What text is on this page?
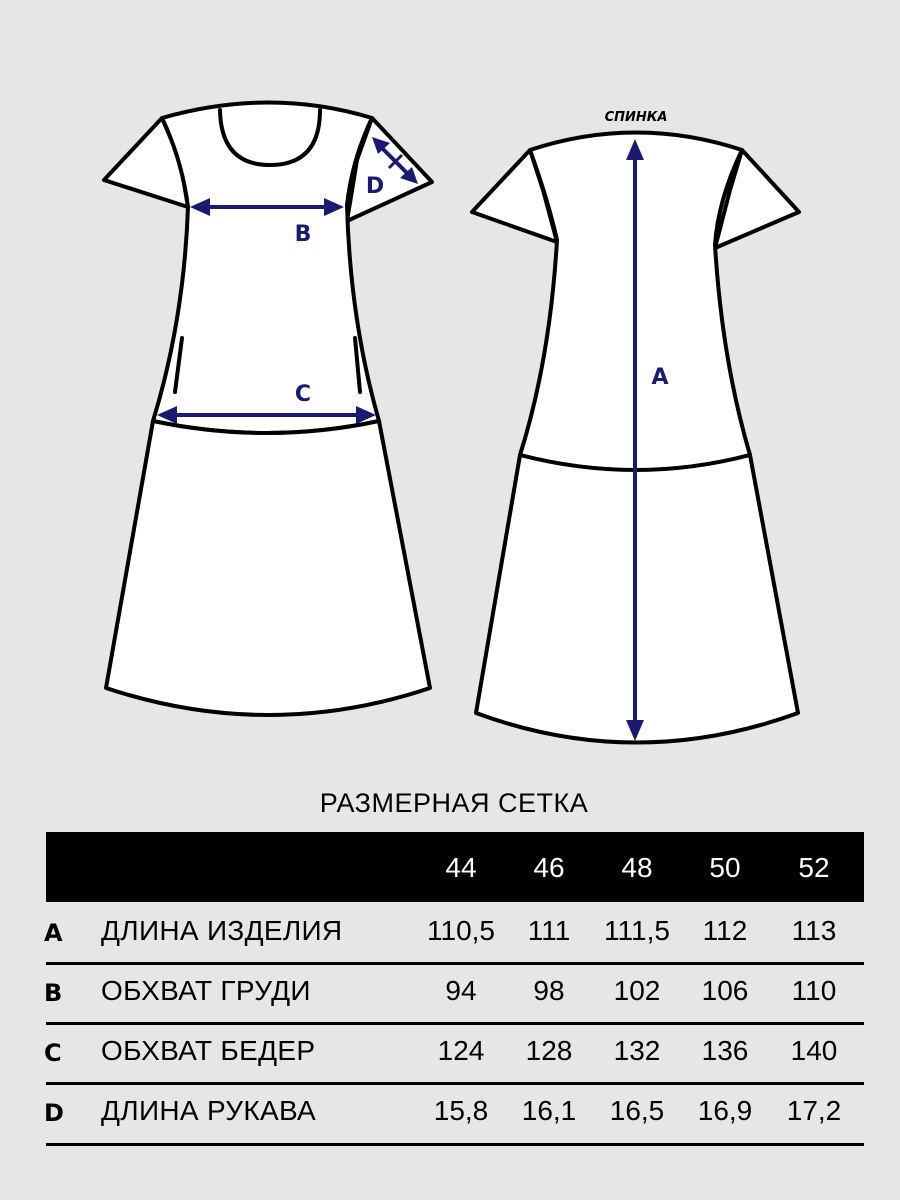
СПИНКА
B
C
D
A
РАЗМЕРНАЯ СЕТКА
44	46	48	50	52
A ДЛИНА ИЗДЕЛИЯ	110,5	111	111,5	112	113
B ОБХВАТ ГРУДИ	94	98	102	106	110
C ОБХВАТ БЕДЕР	124	128	132	136	140
D ДЛИНА РУКАВА	15,8	16,1	16,5	16,9	17,2
